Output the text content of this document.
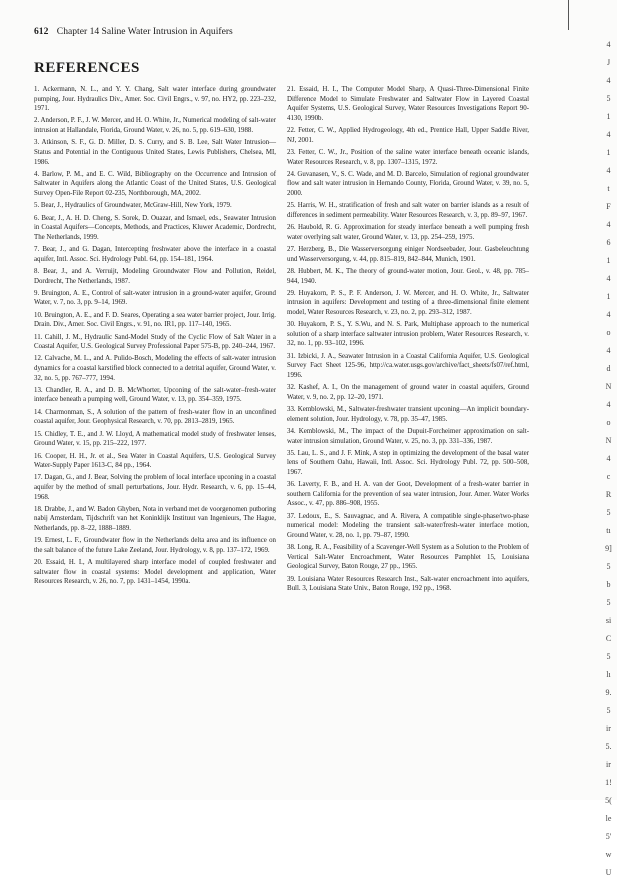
612 Chapter 14 Saline Water Intrusion in Aquifers
REFERENCES

1. Ackermann, N. L., and Y. Y. Chang, Salt water interface during groundwater pumping, Jour. Hydraulics Div., Amer. Soc. Civil Engrs., v. 97, no. HY2, pp. 223–232, 1971.

2. Anderson, P. F., J. W. Mercer, and H. O. White, Jr., Numerical modeling of salt-water intrusion at Hallandale, Florida, Ground Water, v. 26, no. 5, pp. 619–630, 1988.

3. Atkinson, S. F., G. D. Miller, D. S. Curry, and S. B. Lee, Salt Water Intrusion—Status and Potential in the Contiguous United States, Lewis Publishers, Chelsea, MI, 1986.

4. Barlow, P. M., and E. C. Wild, Bibliography on the Occurrence and Intrusion of Saltwater in Aquifers along the Atlantic Coast of the United States, U.S. Geological Survey Open-File Report 02-235, Northborough, MA, 2002.

5. Bear, J., Hydraulics of Groundwater, McGraw-Hill, New York, 1979.

6. Bear, J., A. H. D. Cheng, S. Sorek, D. Ouazar, and Ismael, eds., Seawater Intrusion in Coastal Aquifers—Concepts, Methods, and Practices, Kluwer Academic, Dordrecht, The Netherlands, 1999.

7. Bear, J., and G. Dagan, Intercepting freshwater above the interface in a coastal aquifer, Intl. Assoc. Sci. Hydrology Publ. 64, pp. 154–181, 1964.

8. Bear, J., and A. Verruijt, Modeling Groundwater Flow and Pollution, Reidel, Dordrecht, The Netherlands, 1987.

9. Bruington, A. E., Control of salt-water intrusion in a ground-water aquifer, Ground Water, v. 7, no. 3, pp. 9–14, 1969.

10. Bruington, A. E., and F. D. Seares, Operating a sea water barrier project, Jour. Irrig. Drain. Div., Amer. Soc. Civil Engrs., v. 91, no. IR1, pp. 117–140, 1965.

11. Cahill, J. M., Hydraulic Sand-Model Study of the Cyclic Flow of Salt Water in a Coastal Aquifer, U.S. Geological Survey Professional Paper 575-B, pp. 240–244, 1967.

12. Calvache, M. L., and A. Pulido-Bosch, Modeling the effects of salt-water intrusion dynamics for a coastal karstified block connected to a detrital aquifer, Ground Water, v. 32, no. 5, pp. 767–777, 1994.

13. Chandler, R. A., and D. B. McWhorter, Upconing of the salt-water–fresh-water interface beneath a pumping well, Ground Water, v. 13, pp. 354–359, 1975.

14. Charmonman, S., A solution of the pattern of fresh-water flow in an unconfined coastal aquifer, Jour. Geophysical Research, v. 70, pp. 2813–2819, 1965.

15. Chidley, T. E., and J. W. Lloyd, A mathematical model study of freshwater lenses, Ground Water, v. 15, pp. 215–222, 1977.

16. Cooper, H. H., Jr. et al., Sea Water in Coastal Aquifers, U.S. Geological Survey Water-Supply Paper 1613-C, 84 pp., 1964.

17. Dagan, G., and J. Bear, Solving the problem of local interface upconing in a coastal aquifer by the method of small perturbations, Jour. Hydr. Research, v. 6, pp. 15–44, 1968.

18. Drabbe, J., and W. Badon Ghyben, Nota in verband met de voorgenomen putboring nabij Amsterdam, Tijdschrift van het Koninklijk Instituut van Ingenieurs, The Hague, Netherlands, pp. 8–22, 1888–1889.

19. Ernest, L. F., Groundwater flow in the Netherlands delta area and its influence on the salt balance of the future Lake Zeeland, Jour. Hydrology, v. 8, pp. 137–172, 1969.

20. Essaid, H. I., A multilayered sharp interface model of coupled freshwater and saltwater flow in coastal systems: Model development and application, Water Resources Research, v. 26, no. 7, pp. 1431–1454, 1990a.

21. Essaid, H. I., The Computer Model Sharp, A Quasi-Three-Dimensional Finite Difference Model to Simulate Freshwater and Saltwater Flow in Layered Coastal Aquifer Systems, U.S. Geological Survey, Water Resources Investigations Report 90-4130, 1990b.

22. Fetter, C. W., Applied Hydrogeology, 4th ed., Prentice Hall, Upper Saddle River, NJ, 2001.

23. Fetter, C. W., Jr., Position of the saline water interface beneath oceanic islands, Water Resources Research, v. 8, pp. 1307–1315, 1972.

24. Guvanasen, V., S. C. Wade, and M. D. Barcelo, Simulation of regional groundwater flow and salt water intrusion in Hernando County, Florida, Ground Water, v. 39, no. 5, 2000.

25. Harris, W. H., stratification of fresh and salt water on barrier islands as a result of differences in sediment permeability. Water Resources Research, v. 3, pp. 89–97, 1967.

26. Haubold, R. G. Approximation for steady interface beneath a well pumping fresh water overlying salt water, Ground Water, v. 13, pp. 254–259, 1975.

27. Herzberg, B., Die Wasserversorgung einiger Nordseebader, Jour. Gasbeleuchtung und Wasserversorgung, v. 44, pp. 815–819, 842–844, Munich, 1901.

28. Hubbert, M. K., The theory of ground-water motion, Jour. Geol., v. 48, pp. 785–944, 1940.

29. Huyakorn, P. S., P. F. Anderson, J. W. Mercer, and H. O. White, Jr., Saltwater intrusion in aquifers: Development and testing of a three-dimensional finite element model, Water Resources Research, v. 23, no. 2, pp. 293–312, 1987.

30. Huyakorn, P. S., Y. S.Wu, and N. S. Park, Multiphase approach to the numerical solution of a sharp interface saltwater intrusion problem, Water Resources Research, v. 32, no. 1, pp. 93–102, 1996.

31. Izbicki, J. A., Seawater Intrusion in a Coastal California Aquifer, U.S. Geological Survey Fact Sheet 125-96, http://ca.water.usgs.gov/archive/fact_sheets/fs07/ref.html, 1996.

32. Kashef, A. I., On the management of ground water in coastal aquifers, Ground Water, v. 9, no. 2, pp. 12–20, 1971.

33. Kemblowski, M., Saltwater-freshwater transient upconing—An implicit boundary-element solution, Jour. Hydrology, v. 78, pp. 35–47, 1985.

34. Kemblowski, M., The impact of the Dupuit-Forcheimer approximation on salt-water intrusion simulation, Ground Water, v. 25, no. 3, pp. 331–336, 1987.

35. Lau, L. S., and J. F. Mink, A step in optimizing the development of the basal water lens of Southern Oahu, Hawaii, Intl. Assoc. Sci. Hydrology Publ. 72, pp. 500–508, 1967.

36. Laverty, F. B., and H. A. van der Goot, Development of a fresh-water barrier in southern California for the prevention of sea water intrusion, Jour. Amer. Water Works Assoc., v. 47, pp. 886–908, 1955.

37. Ledoux, E., S. Sauvagnac, and A. Rivera, A compatible single-phase/two-phase numerical model: Modeling the transient salt-water/fresh-water interface motion, Ground Water, v. 28, no. 1, pp. 79–87, 1990.

38. Long, R. A., Feasibility of a Scavenger-Well System as a Solution to the Problem of Vertical Salt-Water Encroachment, Water Resources Pamphlet 15, Louisiana Geological Survey, Baton Rouge, 27 pp., 1965.

39. Louisiana Water Resources Research Inst., Salt-water encroachment into aquifers, Bull. 3, Louisiana State Univ., Baton Rouge, 192 pp., 1968.

4
J
4
5
1
4
1
4
t
F
4
6
1
4
1
4
o
4
d
N
4
o
N
4
c
R
5
tı
9]
5
b
5
si
C
5
lı
9.
5
ir
5.
ir
1!
5(
le
5'
w
U
